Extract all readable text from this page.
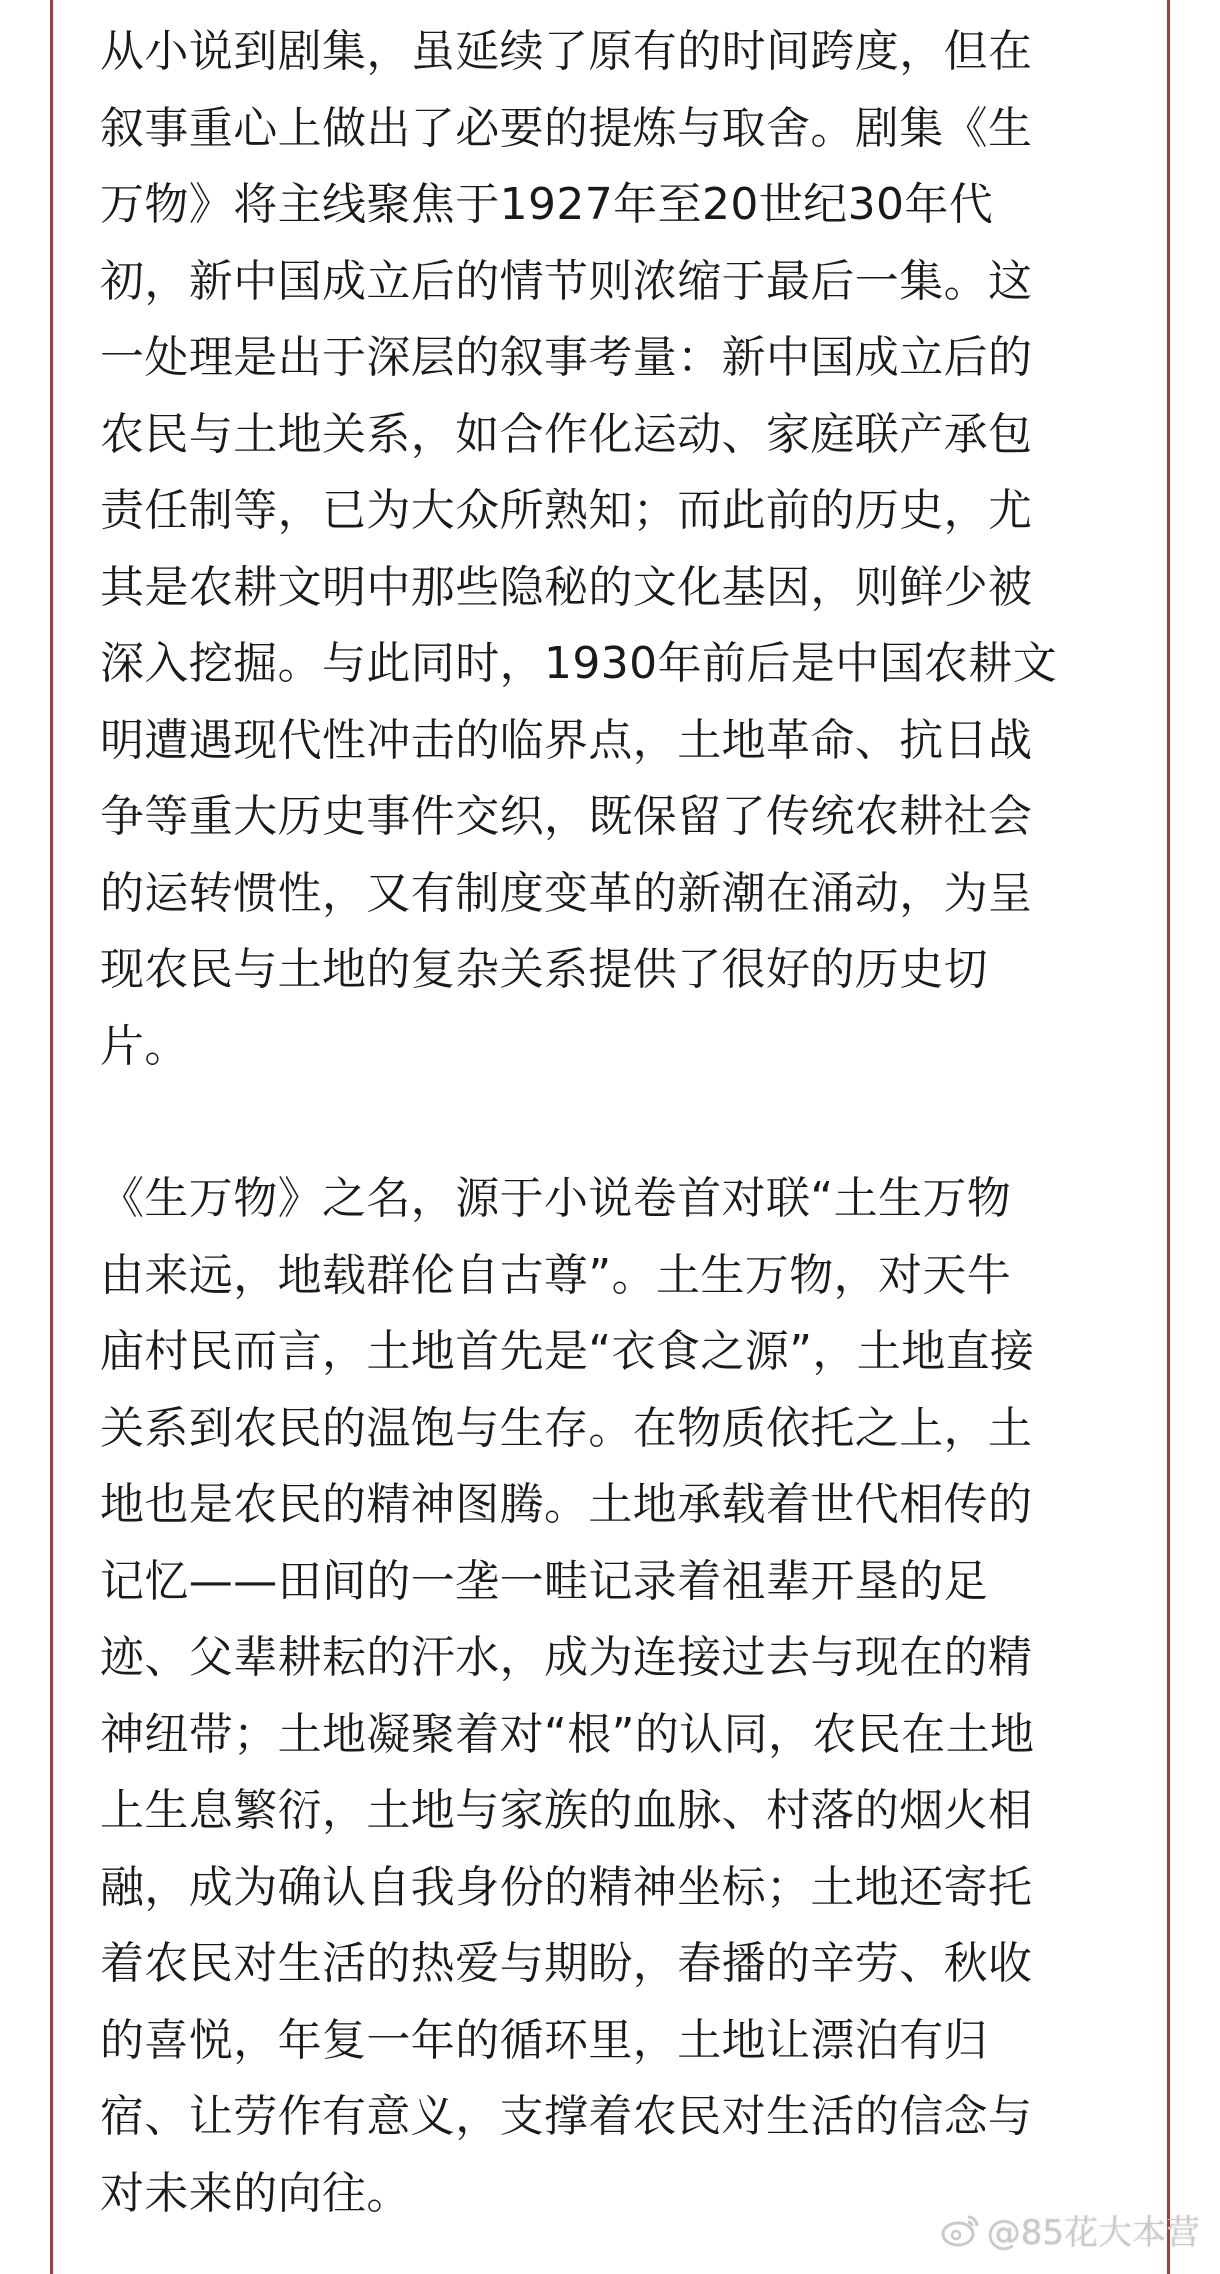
从小说到剧集，虽延续了原有的时间跨度，但在
叙事重心上做出了必要的提炼与取舍。剧集《生
万物》将主线聚焦于1927年至20世纪30年代
初，新中国成立后的情节则浓缩于最后一集。这
一处理是出于深层的叙事考量：新中国成立后的
农民与土地关系，如合作化运动、家庭联产承包
责任制等，已为大众所熟知；而此前的历史，尤
其是农耕文明中那些隐秘的文化基因，则鲜少被
深入挖掘。与此同时，1930年前后是中国农耕文
明遭遇现代性冲击的临界点，土地革命、抗日战
争等重大历史事件交织，既保留了传统农耕社会
的运转惯性，又有制度变革的新潮在涌动，为呈
现农民与土地的复杂关系提供了很好的历史切
片。

《生万物》之名，源于小说卷首对联“土生万物
由来远，地载群伦自古尊”。土生万物，对天牛
庙村民而言，土地首先是“衣食之源”，土地直接
关系到农民的温饱与生存。在物质依托之上，土
地也是农民的精神图腾。土地承载着世代相传的
记忆——田间的一垄一畦记录着祖辈开垦的足
迹、父辈耕耘的汗水，成为连接过去与现在的精
神纽带；土地凝聚着对“根”的认同，农民在土地
上生息繁衍，土地与家族的血脉、村落的烟火相
融，成为确认自我身份的精神坐标；土地还寄托
着农民对生活的热爱与期盼，春播的辛劳、秋收
的喜悦，年复一年的循环里，土地让漂泊有归
宿、让劳作有意义，支撑着农民对生活的信念与
对未来的向往。

@85花大本营
